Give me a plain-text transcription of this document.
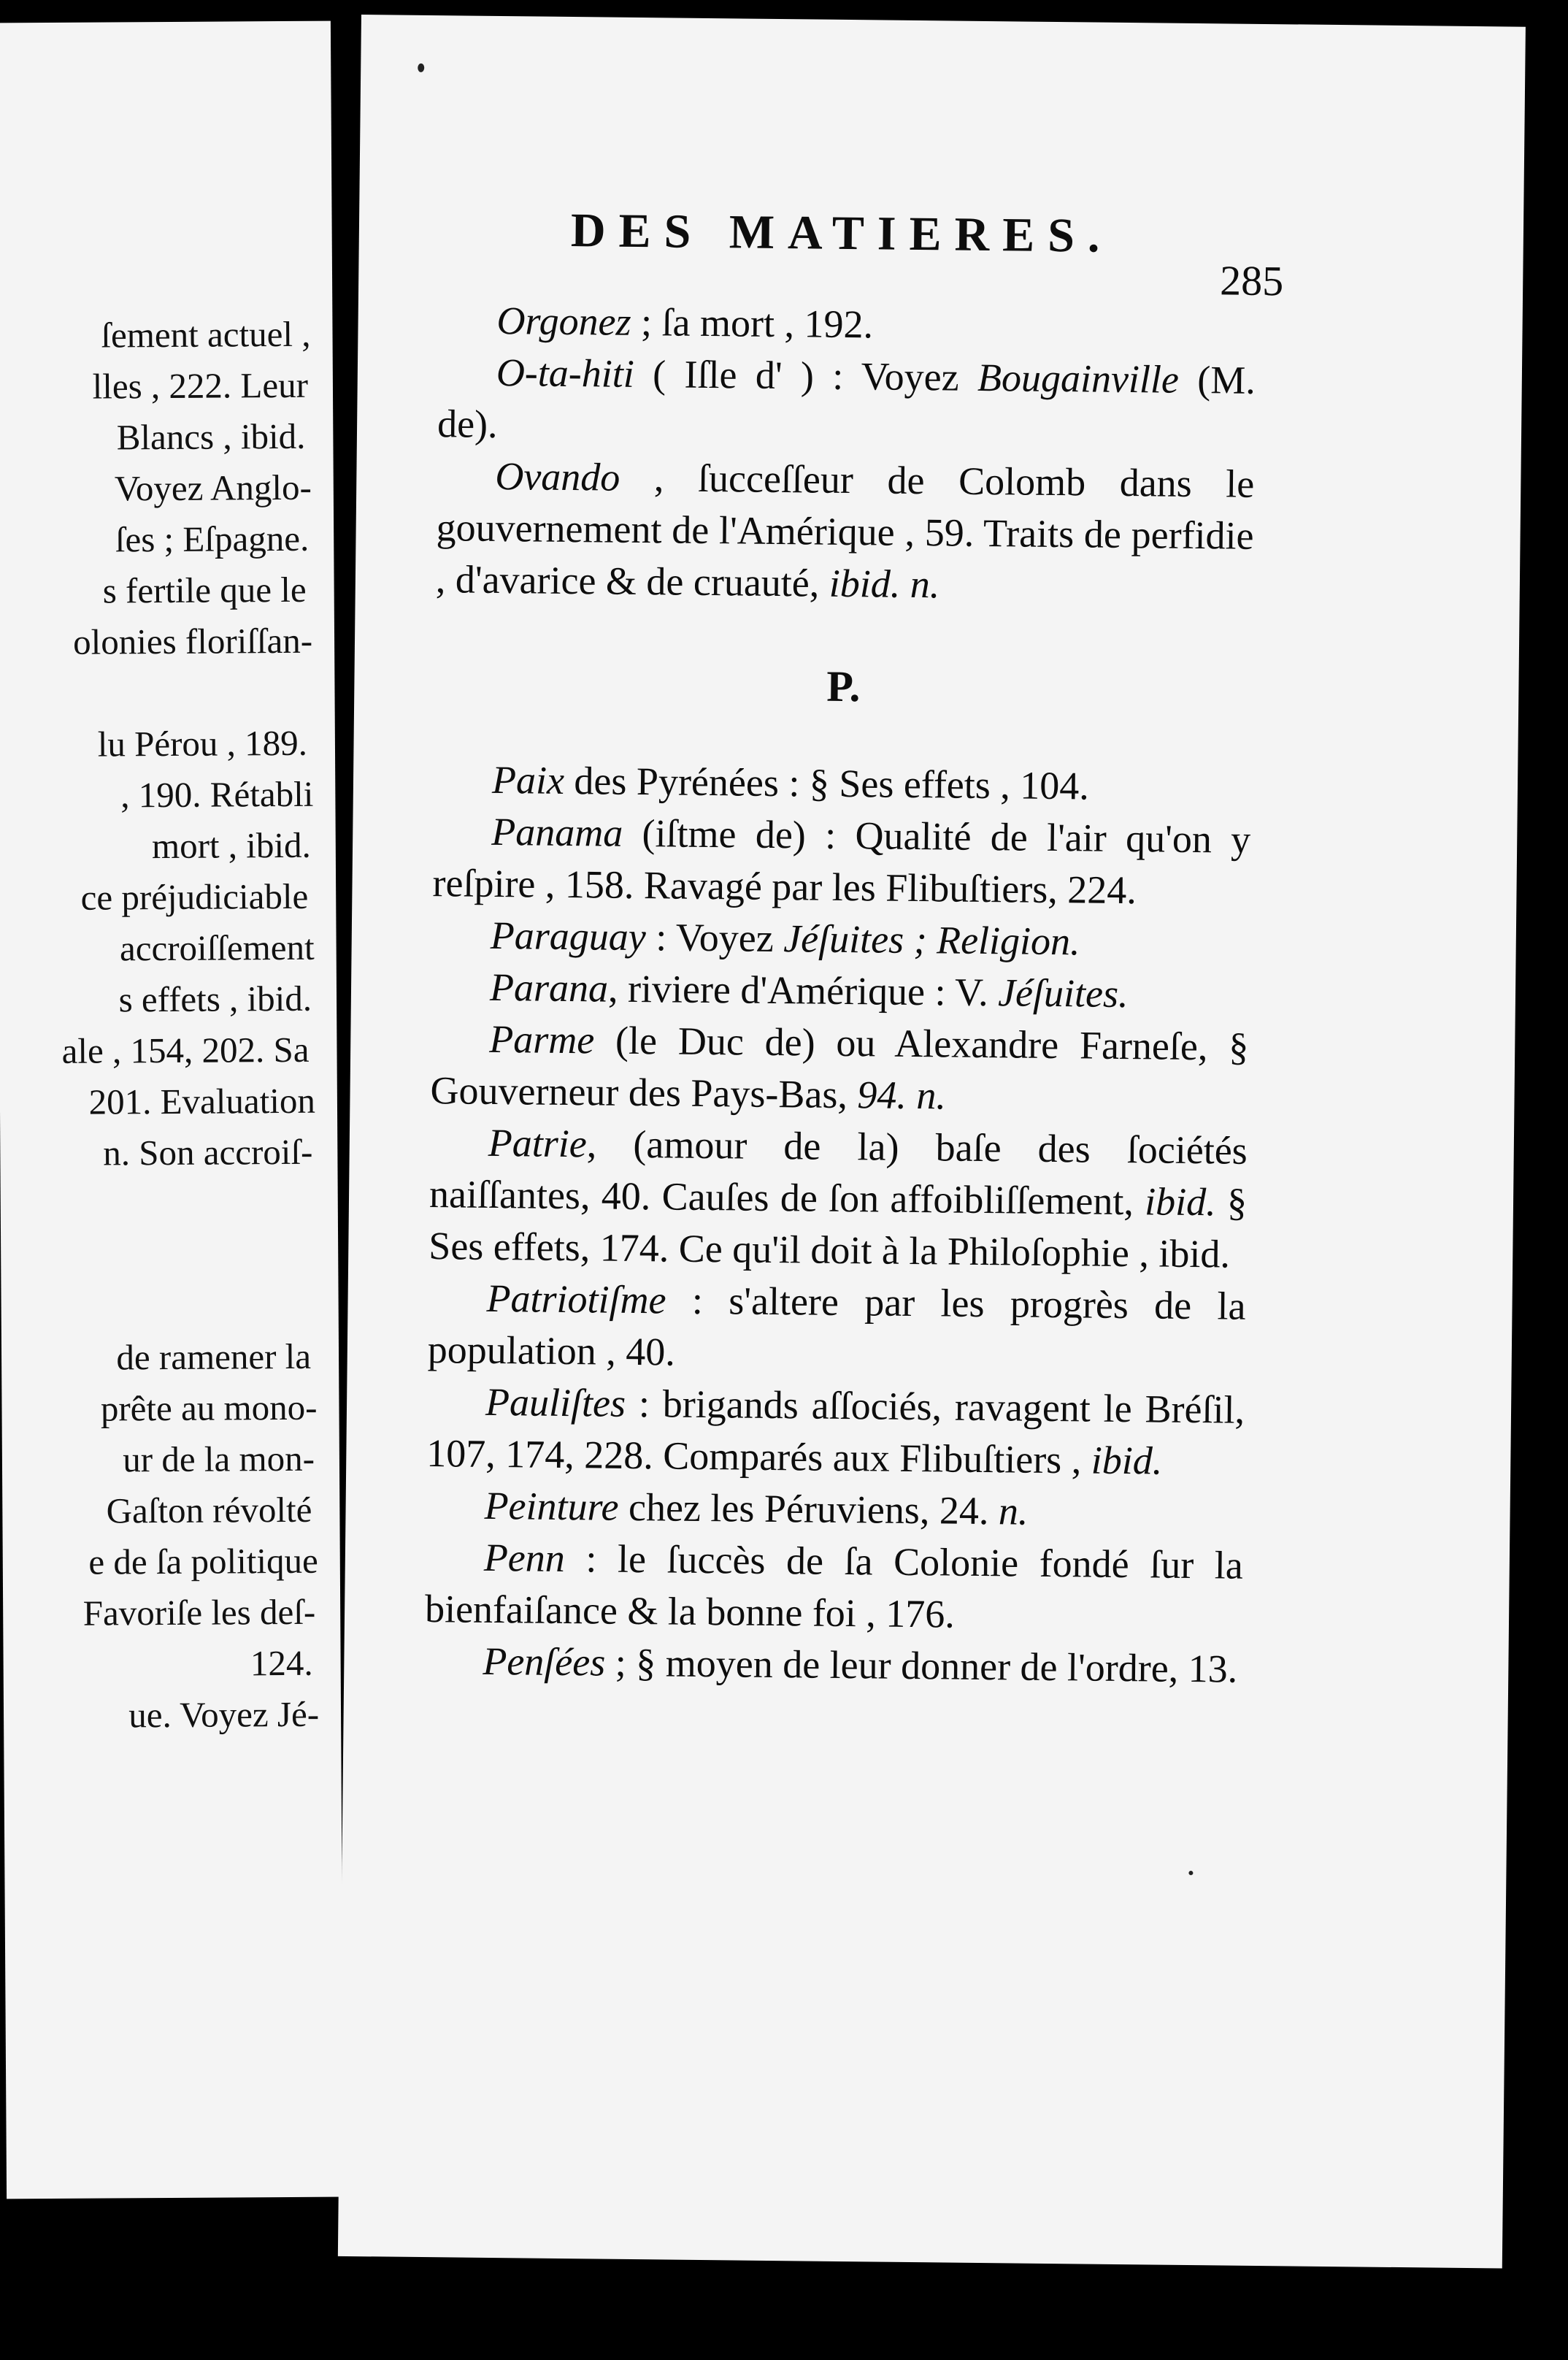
ſement actuel ,
lles , 222. Leur
Blancs , ibid.
Voyez Anglo-
ſes ; Eſpagne.
s fertile que le
olonies floriſſan-
lu Pérou , 189.
, 190. Rétabli
mort , ibid.
ce préjudiciable
accroiſſement
s effets , ibid.
ale , 154, 202. Sa
201. Evaluation
n. Son accroiſ-
de ramener la
prête au mono-
ur de la mon-
Gaſton révolté
e de ſa politique
Favoriſe les deſ-
124.
ue. Voyez Jé-
DES MATIERES.
285

Orgonez ; ſa mort , 192.

O-ta-hiti ( Iſle d' ) : Voyez Bougainville (M. de).

Ovando , ſucceſſeur de Colomb dans le gouvernement de l'Amérique , 59. Traits de perfidie , d'avarice & de cruauté, ibid. n.

P.

Paix des Pyrénées : § Ses effets , 104.

Panama (iſtme de) : Qualité de l'air qu'on y reſpire , 158. Ravagé par les Flibuſtiers, 224.

Paraguay : Voyez Jéſuites ; Religion.

Parana, riviere d'Amérique : V. Jéſuites.

Parme (le Duc de) ou Alexandre Farneſe, § Gouverneur des Pays-Bas, 94. n.

Patrie, (amour de la) baſe des ſociétés naiſſantes, 40. Cauſes de ſon affoibliſſement, ibid. § Ses effets, 174. Ce qu'il doit à la Philoſophie , ibid.

Patriotiſme : s'altere par les progrès de la population , 40.

Pauliſtes : brigands aſſociés, ravagent le Bréſil, 107, 174, 228. Comparés aux Flibuſtiers , ibid.

Peinture chez les Péruviens, 24. n.

Penn : le ſuccès de ſa Colonie fondé ſur la bienfaiſance & la bonne foi , 176.

Penſées ; § moyen de leur donner de l'ordre, 13.
